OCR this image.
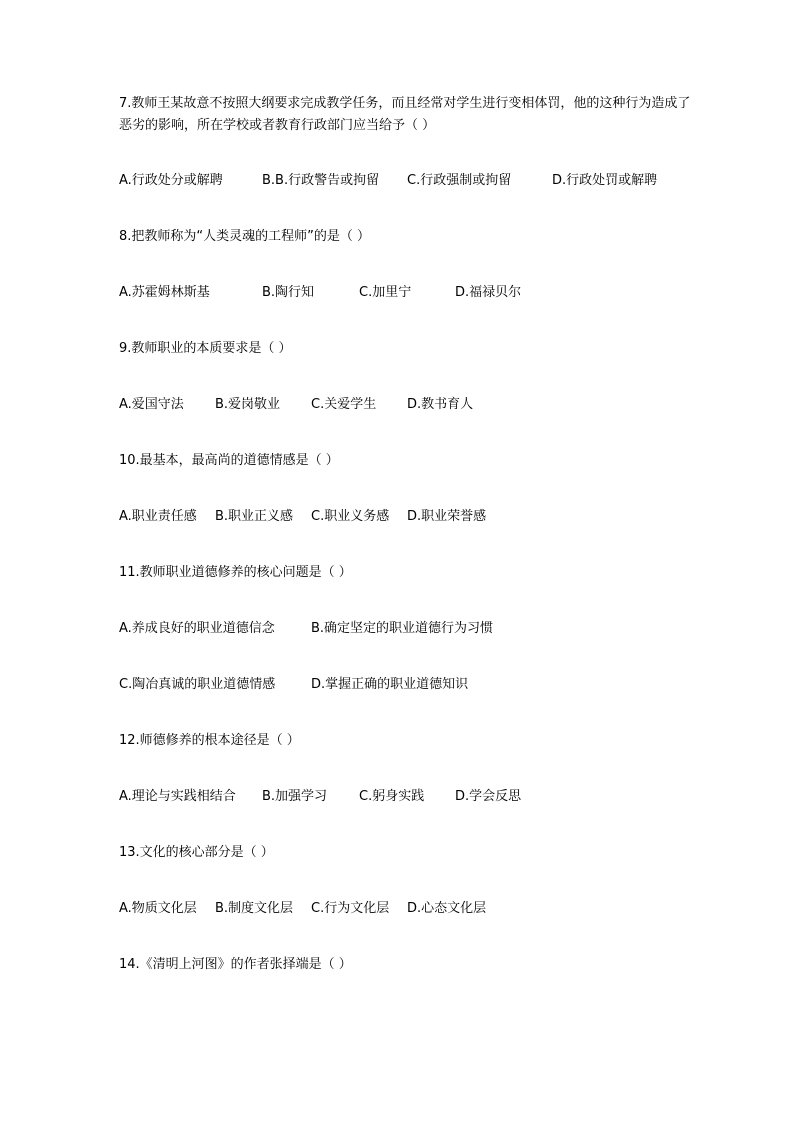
7.教师王某故意不按照大纲要求完成教学任务，而且经常对学生进行变相体罚，他的这种行为造成了
恶劣的影响，所在学校或者教育行政部门应当给予（ ）
A.行政处分或解聘	B.B.行政警告或拘留 C.行政强制或拘留	D.行政处罚或解聘
8.把教师称为“人类灵魂的工程师”的是（ ）
A.苏霍姆林斯基	B.陶行知	C.加里宁	D.福禄贝尔
9.教师职业的本质要求是（ ）
A.爱国守法 B.爱岗敬业 C.关爱学生 D.教书育人
10.最基本，最高尚的道德情感是（ ）
A.职业责任感 B.职业正义感 C.职业义务感 D.职业荣誉感
11.教师职业道德修养的核心问题是（ ）
A.养成良好的职业道德信念	B.确定坚定的职业道德行为习惯
C.陶冶真诚的职业道德情感	D.掌握正确的职业道德知识
12.师德修养的根本途径是（ ）
A.理论与实践相结合 B.加强学习 C.躬身实践 D.学会反思
13.文化的核心部分是（ ）
A.物质文化层 B.制度文化层 C.行为文化层 D.心态文化层
14.《清明上河图》的作者张择端是（ ）
